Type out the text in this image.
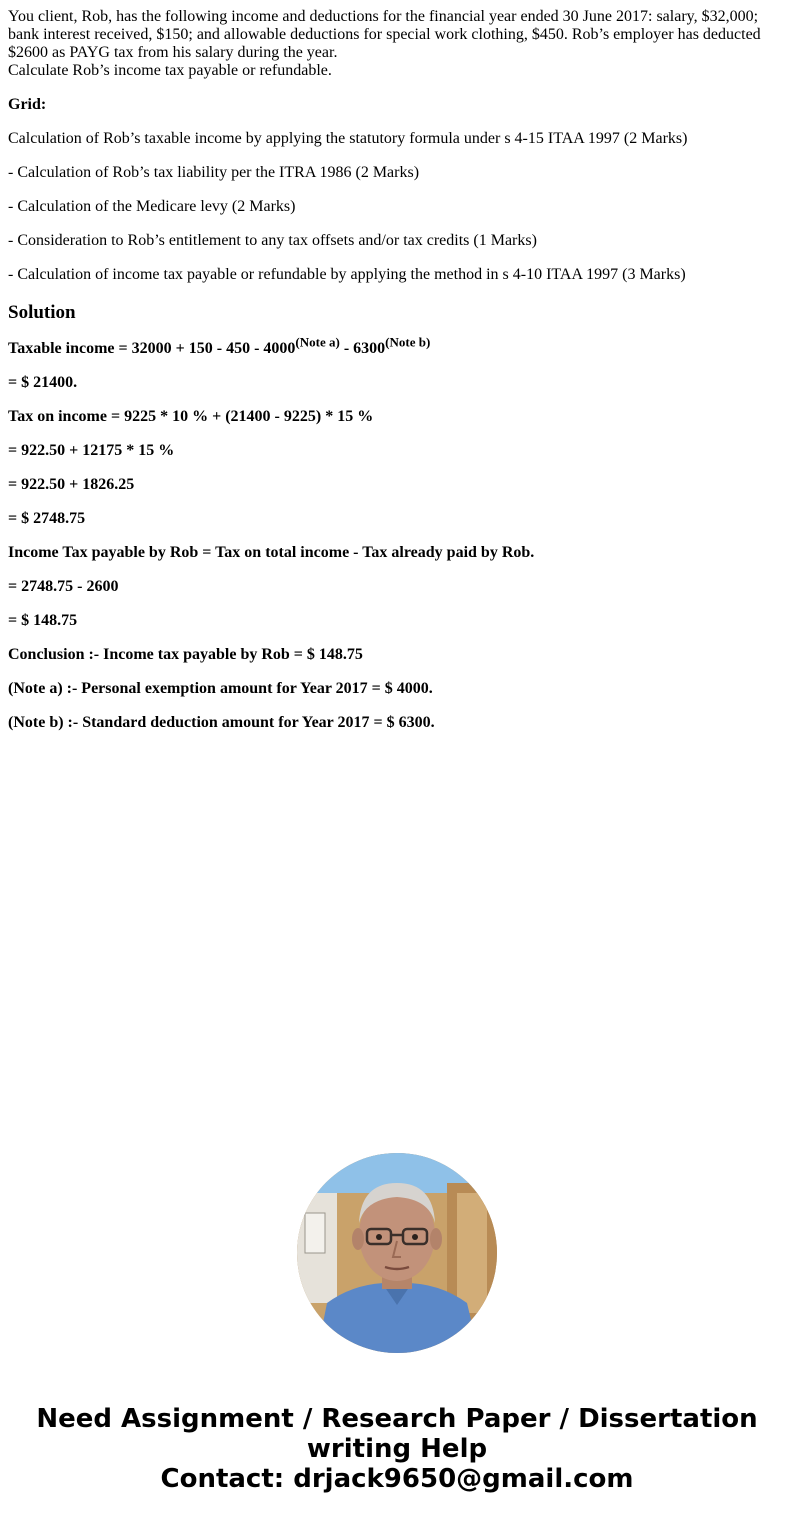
You client, Rob, has the following income and deductions for the financial year ended 30 June 2017: salary, $32,000; bank interest received, $150; and allowable deductions for special work clothing, $450. Rob’s employer has deducted $2600 as PAYG tax from his salary during the year.
Calculate Rob’s income tax payable or refundable.

Grid:

Calculation of Rob’s taxable income by applying the statutory formula under s 4-15 ITAA 1997 (2 Marks)

- Calculation of Rob’s tax liability per the ITRA 1986 (2 Marks)

- Calculation of the Medicare levy (2 Marks)

- Consideration to Rob’s entitlement to any tax offsets and/or tax credits (1 Marks)

- Calculation of income tax payable or refundable by applying the method in s 4-10 ITAA 1997 (3 Marks)

Solution

Taxable income = $32000 + 150 - 450 - 4000^{(Note a)} - 6300^{(Note b)}$

= $ 21400.

Tax on income = 9225 * 10 % + (21400 - 9225) * 15 %

= 922.50 + 12175 * 15 %

= 922.50 + 1826.25

= $ 2748.75

Income Tax payable by Rob = Tax on total income - Tax already paid by Rob.

= 2748.75 - 2600

= $ 148.75

Conclusion :- Income tax payable by Rob = $ 148.75

(Note a) :- Personal exemption amount for Year 2017 = $ 4000.

(Note b) :- Standard deduction amount for Year 2017 = $ 6300.

Need Assignment / Research Paper / Dissertation
writing Help
Contact: drjack9650@gmail.com
